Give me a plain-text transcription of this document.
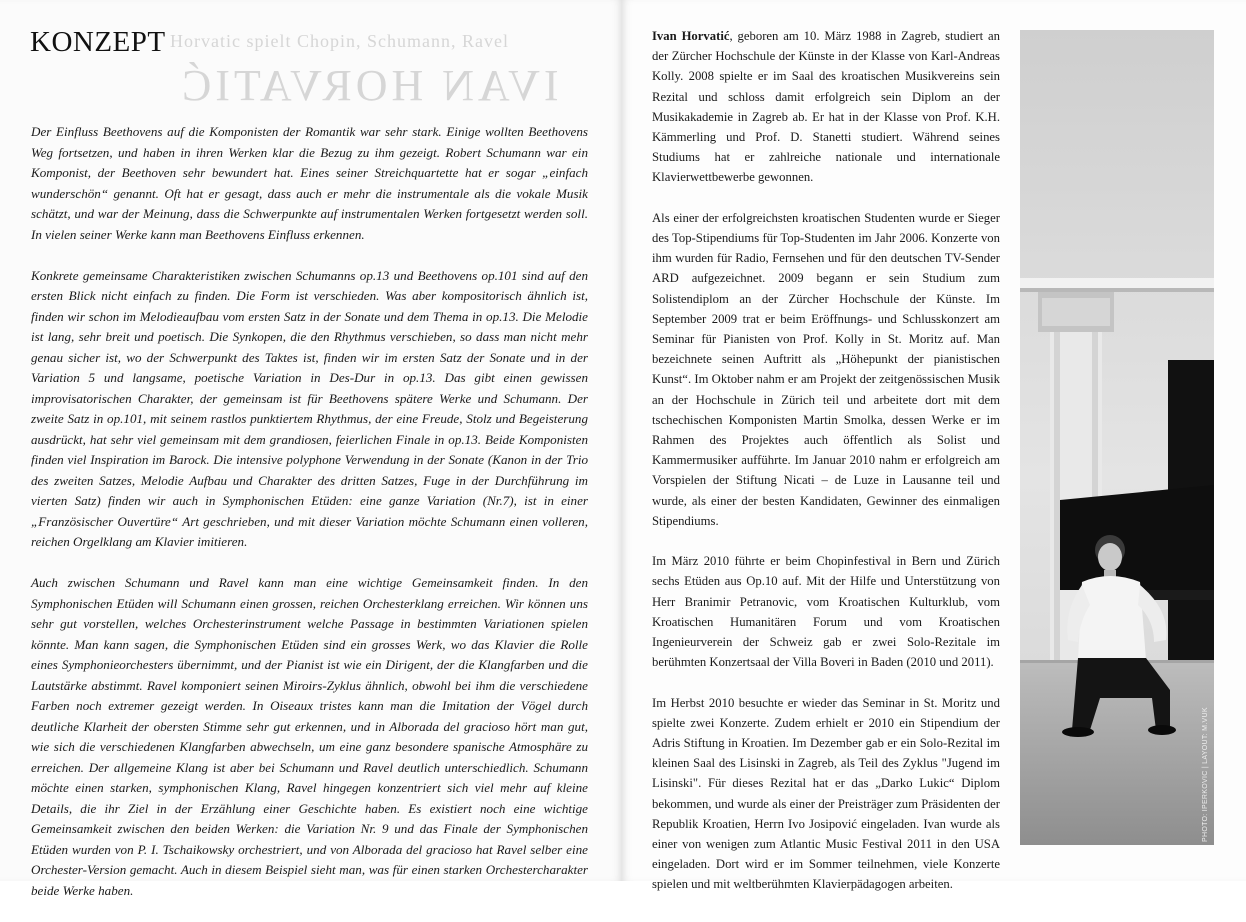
Horvatic spielt Chopin, Schumann, Ravel
IVAN HORVATIĆ
KONZEPT

Der Einfluss Beethovens auf die Komponisten der Romantik war sehr stark. Einige wollten Beethovens Weg fortsetzen, und haben in ihren Werken klar die Bezug zu ihm gezeigt. Robert Schumann war ein Komponist, der Beethoven sehr bewundert hat. Eines seiner Streichquartette hat er sogar „einfach wunderschön“ genannt. Oft hat er gesagt, dass auch er mehr die instrumentale als die vokale Musik schätzt, und war der Meinung, dass die Schwerpunkte auf instrumentalen Werken fortgesetzt werden soll. In vielen seiner Werke kann man Beethovens Einfluss erkennen.

Konkrete gemeinsame Charakteristiken zwischen Schumanns op.13 und Beethovens op.101 sind auf den ersten Blick nicht einfach zu finden. Die Form ist verschieden. Was aber kompositorisch ähnlich ist, finden wir schon im Melodieaufbau vom ersten Satz in der Sonate und dem Thema in op.13. Die Melodie ist lang, sehr breit und poetisch. Die Synkopen, die den Rhythmus verschieben, so dass man nicht mehr genau sicher ist, wo der Schwerpunkt des Taktes ist, finden wir im ersten Satz der Sonate und in der Variation 5 und langsame, poetische Variation in Des-Dur in op.13. Das gibt einen gewissen improvisatorischen Charakter, der gemeinsam ist für Beethovens spätere Werke und Schumann. Der zweite Satz in op.101, mit seinem rastlos punktiertem Rhythmus, der eine Freude, Stolz und Begeisterung ausdrückt, hat sehr viel gemeinsam mit dem grandiosen, feierlichen Finale in op.13. Beide Komponisten finden viel Inspiration im Barock. Die intensive polyphone Verwendung in der Sonate (Kanon in der Trio des zweiten Satzes, Melodie Aufbau und Charakter des dritten Satzes, Fuge in der Durchführung im vierten Satz) finden wir auch in Symphonischen Etüden: eine ganze Variation (Nr.7), ist in einer „Französischer Ouvertüre“ Art geschrieben, und mit dieser Variation möchte Schumann einen volleren, reichen Orgelklang am Klavier imitieren.

Auch zwischen Schumann und Ravel kann man eine wichtige Gemeinsamkeit finden. In den Symphonischen Etüden will Schumann einen grossen, reichen Orchesterklang erreichen. Wir können uns sehr gut vorstellen, welches Orchesterinstrument welche Passage in bestimmten Variationen spielen könnte. Man kann sagen, die Symphonischen Etüden sind ein grosses Werk, wo das Klavier die Rolle eines Symphonieorchesters übernimmt, und der Pianist ist wie ein Dirigent, der die Klangfarben und die Lautstärke abstimmt. Ravel komponiert seinen Miroirs-Zyklus ähnlich, obwohl bei ihm die verschiedene Farben noch extremer gezeigt werden. In Oiseaux tristes kann man die Imitation der Vögel durch deutliche Klarheit der obersten Stimme sehr gut erkennen, und in Alborada del gracioso hört man gut, wie sich die verschiedenen Klangfarben abwechseln, um eine ganz besondere spanische Atmosphäre zu erreichen. Der allgemeine Klang ist aber bei Schumann und Ravel deutlich unterschiedlich. Schumann möchte einen starken, symphonischen Klang, Ravel hingegen konzentriert sich viel mehr auf kleine Details, die ihr Ziel in der Erzählung einer Geschichte haben. Es existiert noch eine wichtige Gemeinsamkeit zwischen den beiden Werken: die Variation Nr. 9 und das Finale der Symphonischen Etüden wurden von P. I. Tschaikowsky orchestriert, und von Alborada del gracioso hat Ravel selber eine Orchester-Version gemacht. Auch in diesem Beispiel sieht man, was für einen starken Orchestercharakter beide Werke haben.

Ivan Horvatić, geboren am 10. März 1988 in Zagreb, studiert an der Zürcher Hochschule der Künste in der Klasse von Karl-Andreas Kolly. 2008 spielte er im Saal des kroatischen Musikvereins sein Rezital und schloss damit erfolgreich sein Diplom an der Musikakademie in Zagreb ab. Er hat in der Klasse von Prof. K.H. Kämmerling und Prof. D. Stanetti studiert. Während seines Studiums hat er zahlreiche nationale und internationale Klavierwettbewerbe gewonnen.

Als einer der erfolgreichsten kroatischen Studenten wurde er Sieger des Top-Stipendiums für Top-Studenten im Jahr 2006. Konzerte von ihm wurden für Radio, Fernsehen und für den deutschen TV-Sender ARD aufgezeichnet. 2009 begann er sein Studium zum Solistendiplom an der Zürcher Hochschule der Künste. Im September 2009 trat er beim Eröffnungs- und Schlusskonzert am Seminar für Pianisten von Prof. Kolly in St. Moritz auf. Man bezeichnete seinen Auftritt als „Höhepunkt der pianistischen Kunst“. Im Oktober nahm er am Projekt der zeitgenössischen Musik an der Hochschule in Zürich teil und arbeitete dort mit dem tschechischen Komponisten Martin Smolka, dessen Werke er im Rahmen des Projektes auch öffentlich als Solist und Kammermusiker aufführte. Im Januar 2010 nahm er erfolgreich am Vorspielen der Stiftung Nicati – de Luze in Lausanne teil und wurde, als einer der besten Kandidaten, Gewinner des einmaligen Stipendiums.

Im März 2010 führte er beim Chopinfestival in Bern und Zürich sechs Etüden aus Op.10 auf. Mit der Hilfe und Unterstützung von Herr Branimir Petranovic, vom Kroatischen Kulturklub, vom Kroatischen Humanitären Forum und vom Kroatischen Ingenieurverein der Schweiz gab er zwei Solo-Rezitale im berühmten Konzertsaal der Villa Boveri in Baden (2010 und 2011).

Im Herbst 2010 besuchte er wieder das Seminar in St. Moritz und spielte zwei Konzerte. Zudem erhielt er 2010 ein Stipendium der Adris Stiftung in Kroatien. Im Dezember gab er ein Solo-Rezital im kleinen Saal des Lisinski in Zagreb, als Teil des Zyklus "Jugend im Lisinski". Für dieses Rezital hat er das „Darko Lukic“ Diplom bekommen, und wurde als einer der Preisträger zum Präsidenten der Republik Kroatien, Herrn Ivo Josipović eingeladen. Ivan wurde als einer von wenigen zum Atlantic Music Festival 2011 in den USA eingeladen. Dort wird er im Sommer teilnehmen, viele Konzerte spielen und mit weltberühmten Klavierpädagogen arbeiten.

PHOTO: IPERKOVIC | LAYOUT: M.VUK
